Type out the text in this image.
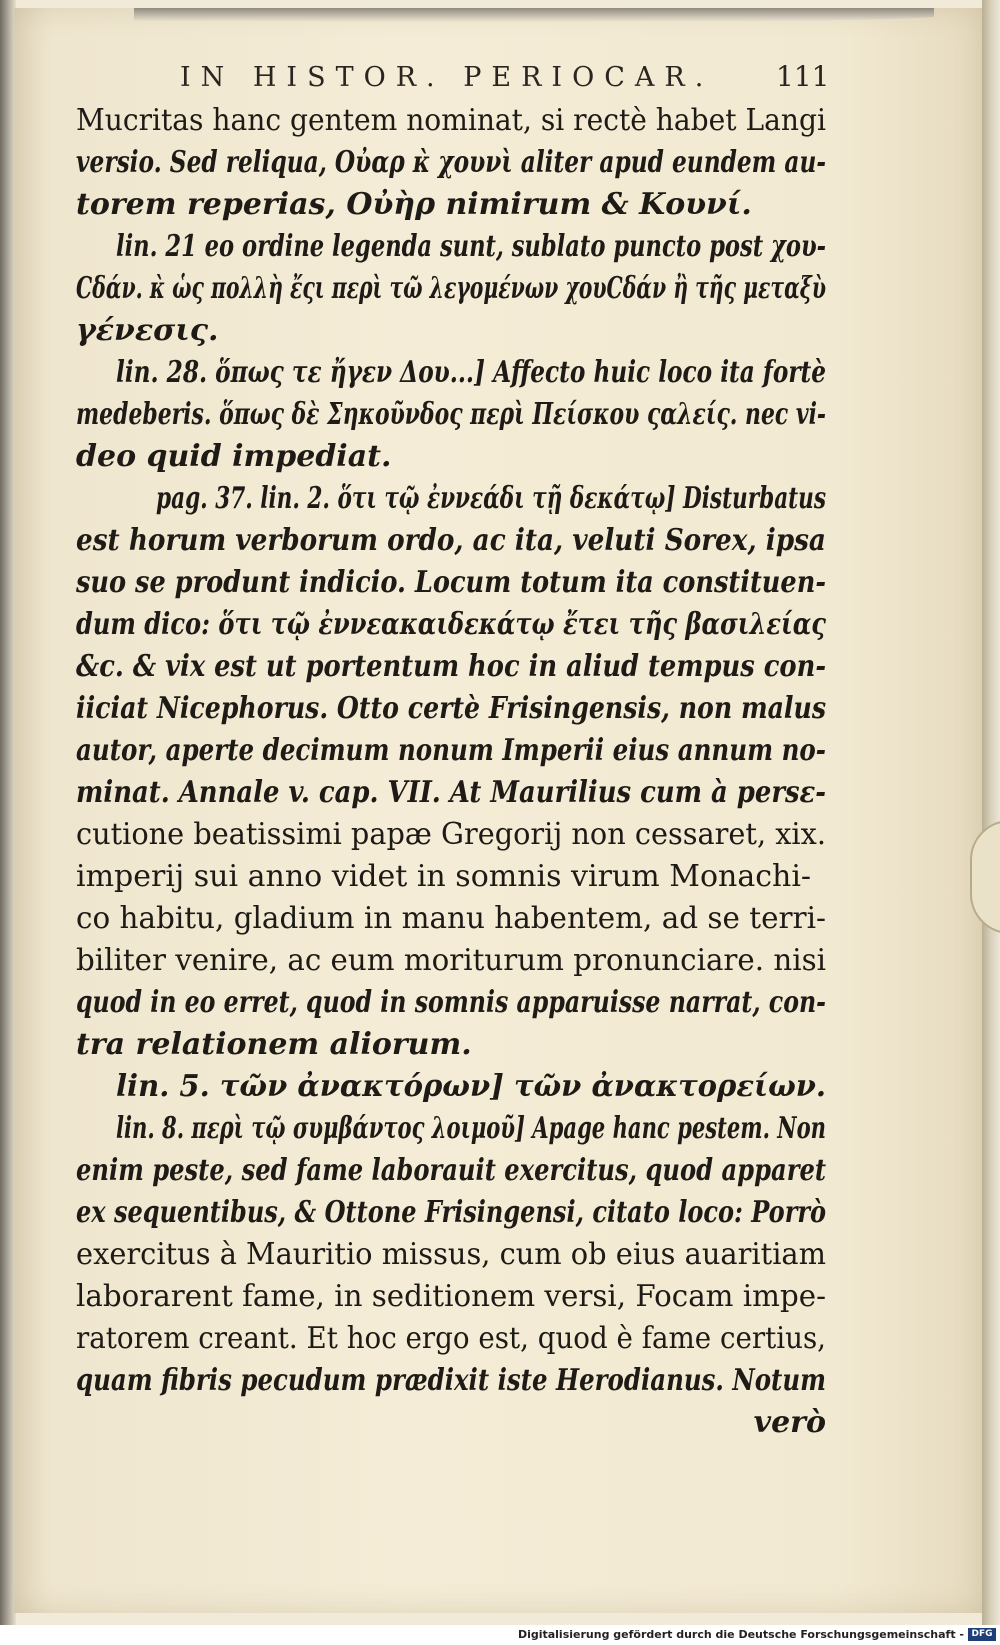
IN HISTOR. PERIOCAR. 111
Mucritas hanc gentem nominat, si rectè habet Langi
versio. Sed reliqua, Οὐαρ κ̀ χουνὶ aliter apud eundem au-
torem reperias, Οὐὴρ nimirum & Κουνί.
lin. 21 eo ordine legenda sunt, sublato puncto post χου-
Ϲδάν. κ̀ ὡς πολλὴ ἔςι περὶ τῶ λεγομένων χουϹδάν ἢ τῆς μεταξὺ
γένεσις.
lin. 28. ὅπως τε ἤγεν Δου...] Affecto huic loco ita fortè
medeberis. ὅπως δὲ Σηκοῦνδος περὶ Πείσκου ςαλείς. nec vi-
deo quid impediat.
pag. 37. lin. 2. ὅτι τῷ ἐννεάδι τῇ δεκάτῳ] Disturbatus
est horum verborum ordo, ac ita, veluti Sorex, ipsa
suo se produnt indicio. Locum totum ita constituen-
dum dico: ὅτι τῷ ἐννεακαιδεκάτῳ ἔτει τῆς βασιλείας
&c. & vix est ut portentum hoc in aliud tempus con-
iiciat Nicephorus. Otto certè Frisingensis, non malus
autor, aperte decimum nonum Imperii eius annum no-
minat. Annale v. cap. VII. At Maurilius cum à persε-
cutione beatissimi papæ Gregorij non cessaret, xix.
imperij sui anno videt in somnis virum Monachi-
co habitu, gladium in manu habentem, ad se terri-
biliter venire, ac eum moriturum pronunciare. nisi
quod in eo erret, quod in somnis apparuisse narrat, con-
tra relationem aliorum.
lin. 5. τῶν ἀνακτόρων] τῶν ἀνακτορείων.
lin. 8. περὶ τῷ συμβάντος λοιμοῦ] Apage hanc pestem. Non
enim peste, sed fame laborauit exercitus, quod apparet
ex sequentibus, & Ottone Frisingensi, citato loco: Porrò
exercitus à Mauritio missus, cum ob eius auaritiam
laborarent fame, in seditionem versi, Focam impe-
ratorem creant. Et hoc ergo est, quod è fame certius,
quam fibris pecudum prædixit iste Herodianus. Notum
verò
Digitalisierung gefördert durch die Deutsche Forschungsgemeinschaft - DFG
